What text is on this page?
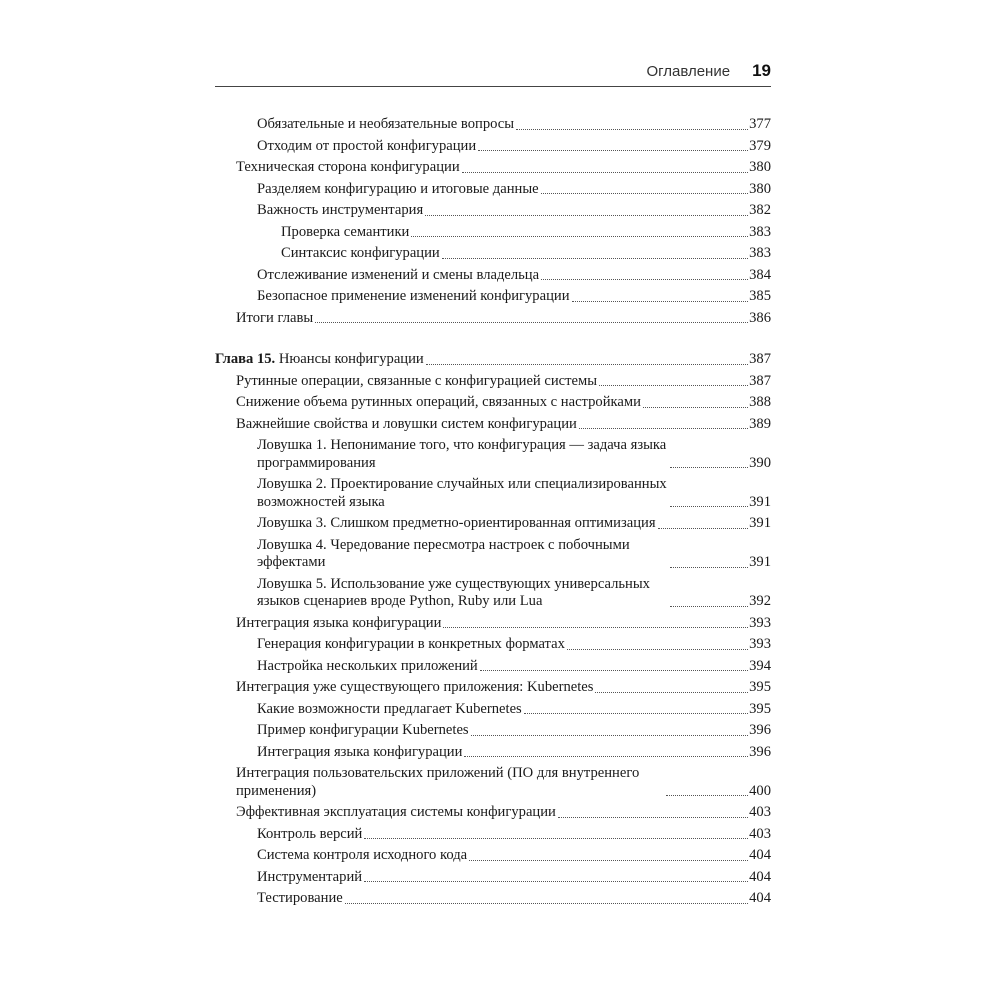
Оглавление 19
Обязательные и необязательные вопросы	377
Отходим от простой конфигурации	379
Техническая сторона конфигурации	380
Разделяем конфигурацию и итоговые данные	380
Важность инструментария	382
Проверка семантики	383
Синтаксис конфигурации	383
Отслеживание изменений и смены владельца	384
Безопасное применение изменений конфигурации	385
Итоги главы	386
Глава 15. Нюансы конфигурации	387
Рутинные операции, связанные с конфигурацией системы	387
Снижение объема рутинных операций, связанных с настройками	388
Важнейшие свойства и ловушки систем конфигурации	389
Ловушка 1. Непонимание того, что конфигурация — задача языка программирования	390
Ловушка 2. Проектирование случайных или специализированных возможностей языка	391
Ловушка 3. Слишком предметно-ориентированная оптимизация	391
Ловушка 4. Чередование пересмотра настроек с побочными эффектами	391
Ловушка 5. Использование уже существующих универсальных языков сценариев вроде Python, Ruby или Lua	392
Интеграция языка конфигурации	393
Генерация конфигурации в конкретных форматах	393
Настройка нескольких приложений	394
Интеграция уже существующего приложения: Kubernetes	395
Какие возможности предлагает Kubernetes	395
Пример конфигурации Kubernetes	396
Интеграция языка конфигурации	396
Интеграция пользовательских приложений (ПО для внутреннего применения)	400
Эффективная эксплуатация системы конфигурации	403
Контроль версий	403
Система контроля исходного кода	404
Инструментарий	404
Тестирование	404
